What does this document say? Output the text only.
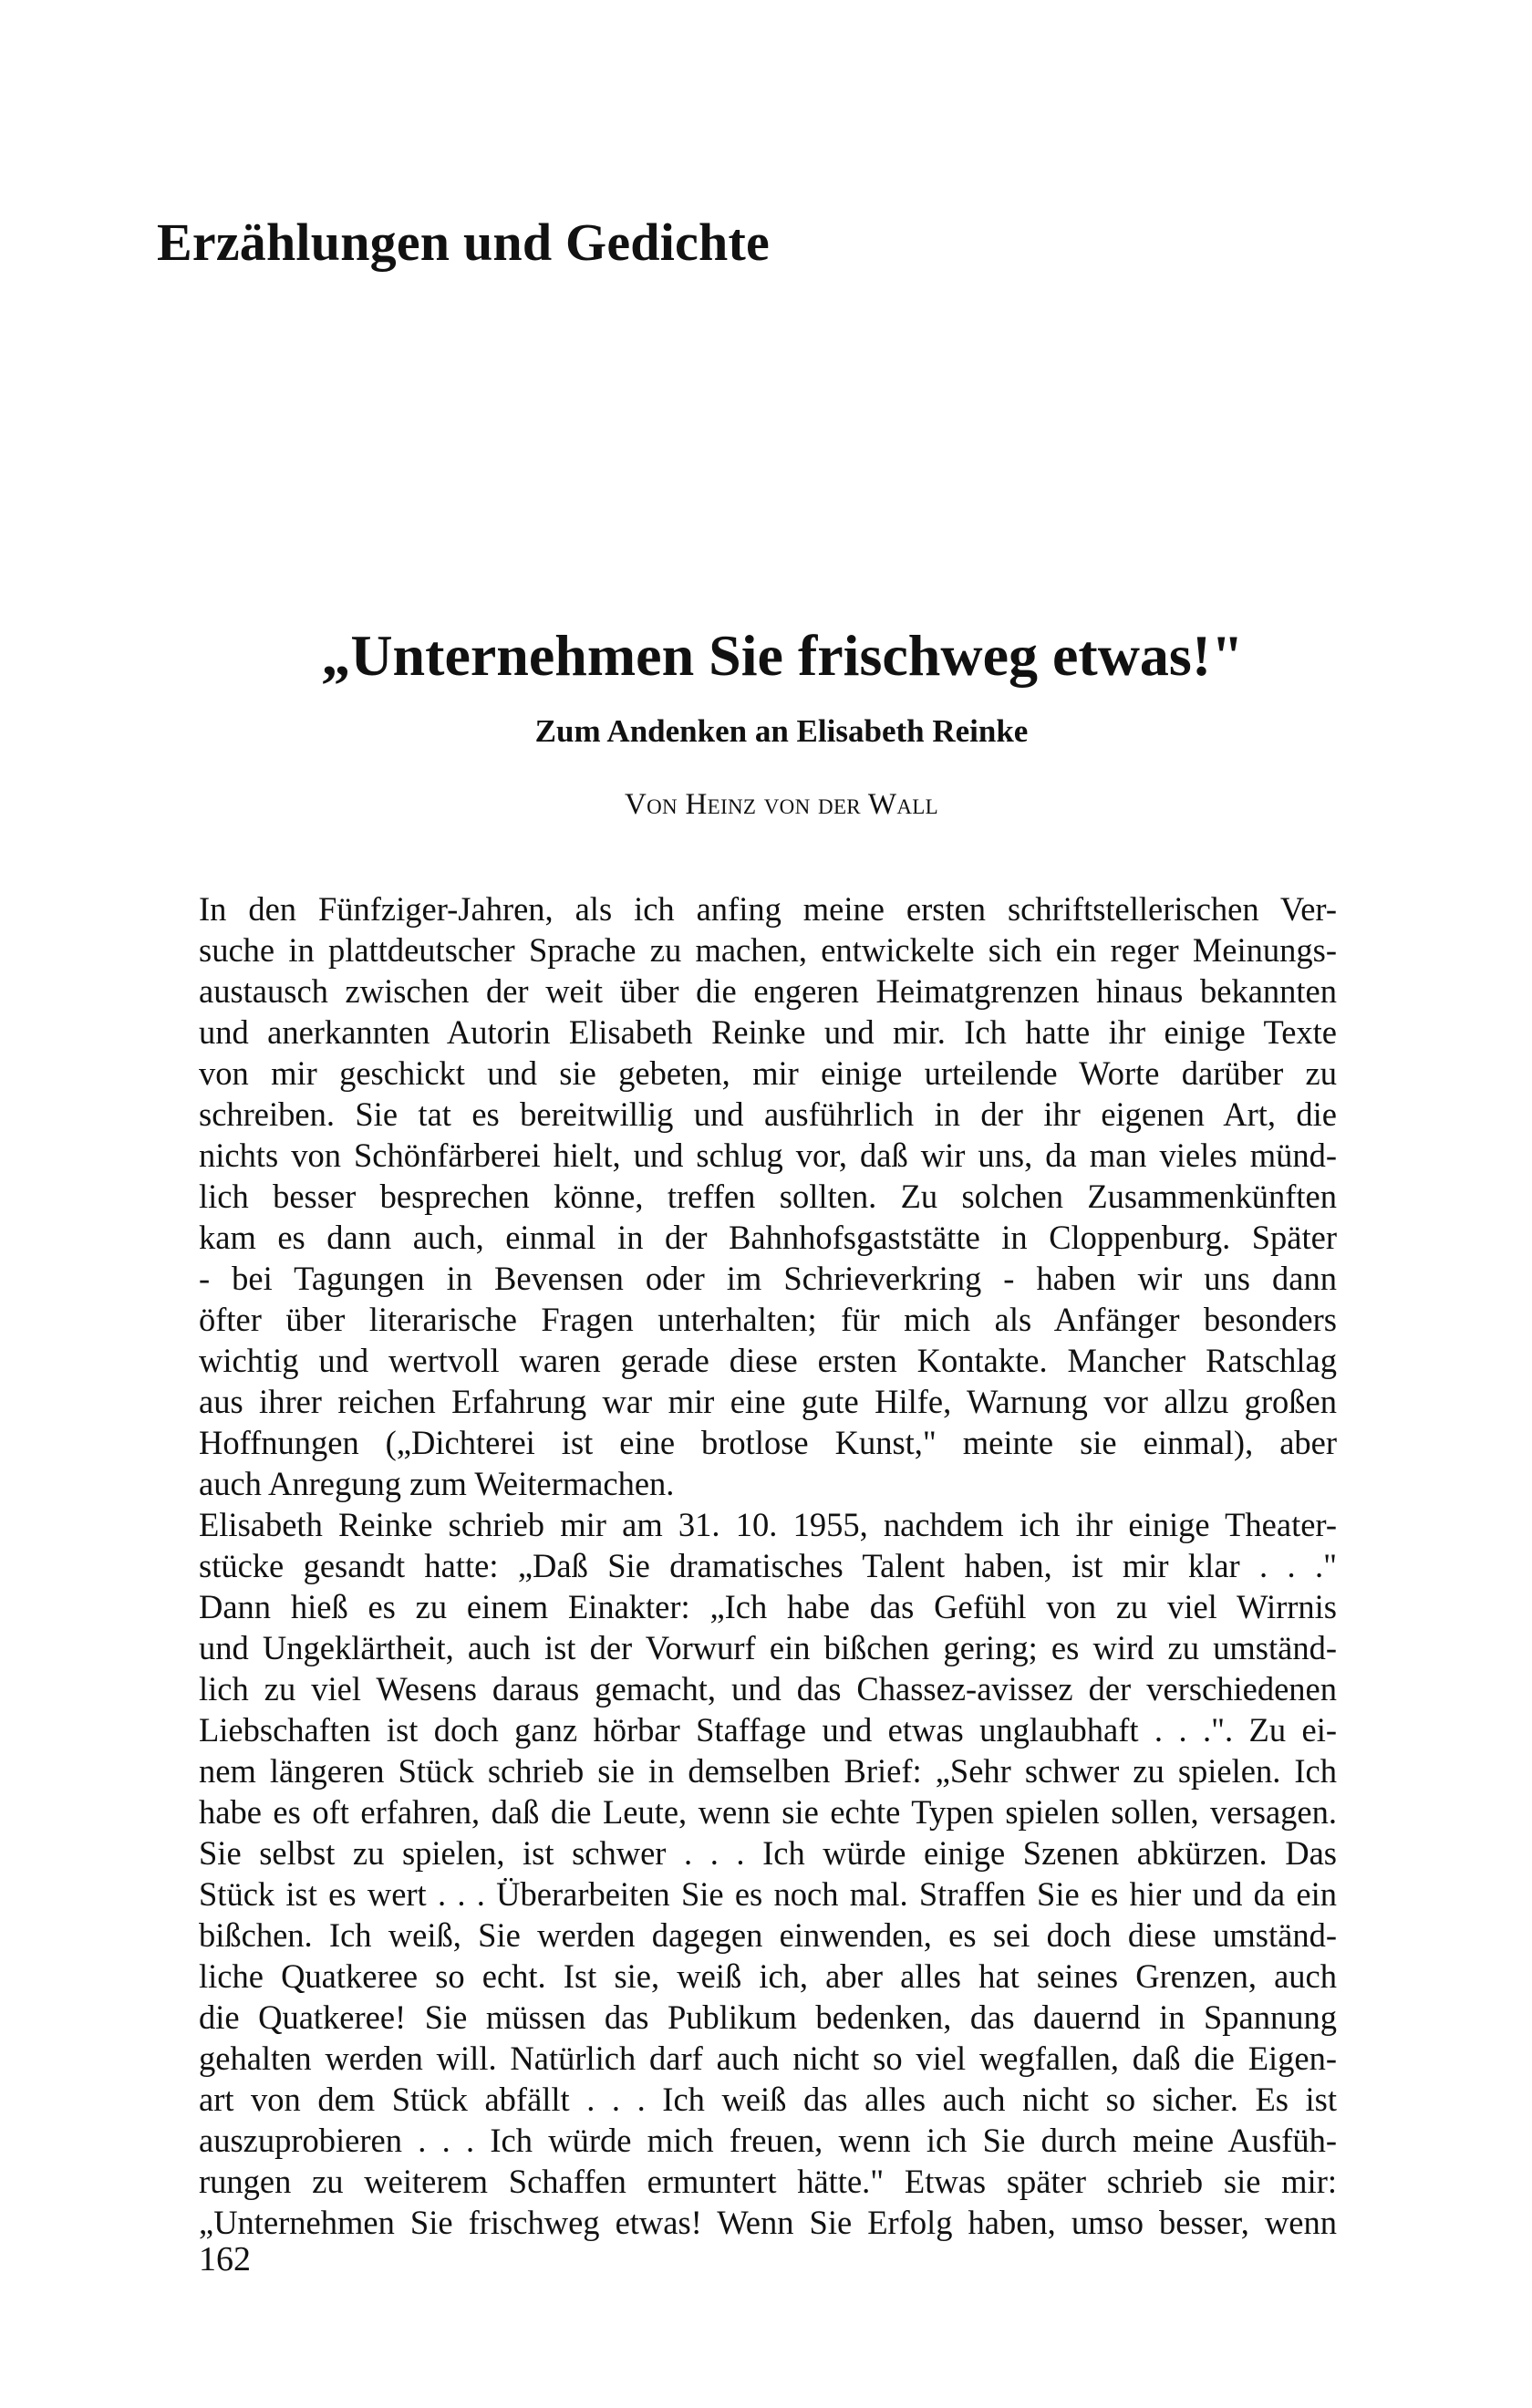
Erzählungen und Gedichte
„Unternehmen Sie frischweg etwas!"

Zum Andenken an Elisabeth Reinke

Von Heinz von der Wall

In den Fünfziger-Jahren, als ich anfing meine ersten schriftstellerischen Ver-
suche in plattdeutscher Sprache zu machen, entwickelte sich ein reger Meinungs-
austausch zwischen der weit über die engeren Heimatgrenzen hinaus bekannten
und anerkannten Autorin Elisabeth Reinke und mir. Ich hatte ihr einige Texte
von mir geschickt und sie gebeten, mir einige urteilende Worte darüber zu
schreiben. Sie tat es bereitwillig und ausführlich in der ihr eigenen Art, die
nichts von Schönfärberei hielt, und schlug vor, daß wir uns, da man vieles münd-
lich besser besprechen könne, treffen sollten. Zu solchen Zusammenkünften
kam es dann auch, einmal in der Bahnhofsgaststätte in Cloppenburg. Später
- bei Tagungen in Bevensen oder im Schrieverkring - haben wir uns dann
öfter über literarische Fragen unterhalten; für mich als Anfänger besonders
wichtig und wertvoll waren gerade diese ersten Kontakte. Mancher Ratschlag
aus ihrer reichen Erfahrung war mir eine gute Hilfe, Warnung vor allzu großen
Hoffnungen („Dichterei ist eine brotlose Kunst," meinte sie einmal), aber
auch Anregung zum Weitermachen.
Elisabeth Reinke schrieb mir am 31. 10. 1955, nachdem ich ihr einige Theater-
stücke gesandt hatte: „Daß Sie dramatisches Talent haben, ist mir klar . . ."
Dann hieß es zu einem Einakter: „Ich habe das Gefühl von zu viel Wirrnis
und Ungeklärtheit, auch ist der Vorwurf ein bißchen gering; es wird zu umständ-
lich zu viel Wesens daraus gemacht, und das Chassez-avissez der verschiedenen
Liebschaften ist doch ganz hörbar Staffage und etwas unglaubhaft . . .". Zu ei-
nem längeren Stück schrieb sie in demselben Brief: „Sehr schwer zu spielen. Ich
habe es oft erfahren, daß die Leute, wenn sie echte Typen spielen sollen, versagen.
Sie selbst zu spielen, ist schwer . . . Ich würde einige Szenen abkürzen. Das
Stück ist es wert . . . Überarbeiten Sie es noch mal. Straffen Sie es hier und da ein
bißchen. Ich weiß, Sie werden dagegen einwenden, es sei doch diese umständ-
liche Quatkeree so echt. Ist sie, weiß ich, aber alles hat seines Grenzen, auch
die Quatkeree! Sie müssen das Publikum bedenken, das dauernd in Spannung
gehalten werden will. Natürlich darf auch nicht so viel wegfallen, daß die Eigen-
art von dem Stück abfällt . . . Ich weiß das alles auch nicht so sicher. Es ist
auszuprobieren . . . Ich würde mich freuen, wenn ich Sie durch meine Ausfüh-
rungen zu weiterem Schaffen ermuntert hätte." Etwas später schrieb sie mir:
„Unternehmen Sie frischweg etwas! Wenn Sie Erfolg haben, umso besser, wenn

162
